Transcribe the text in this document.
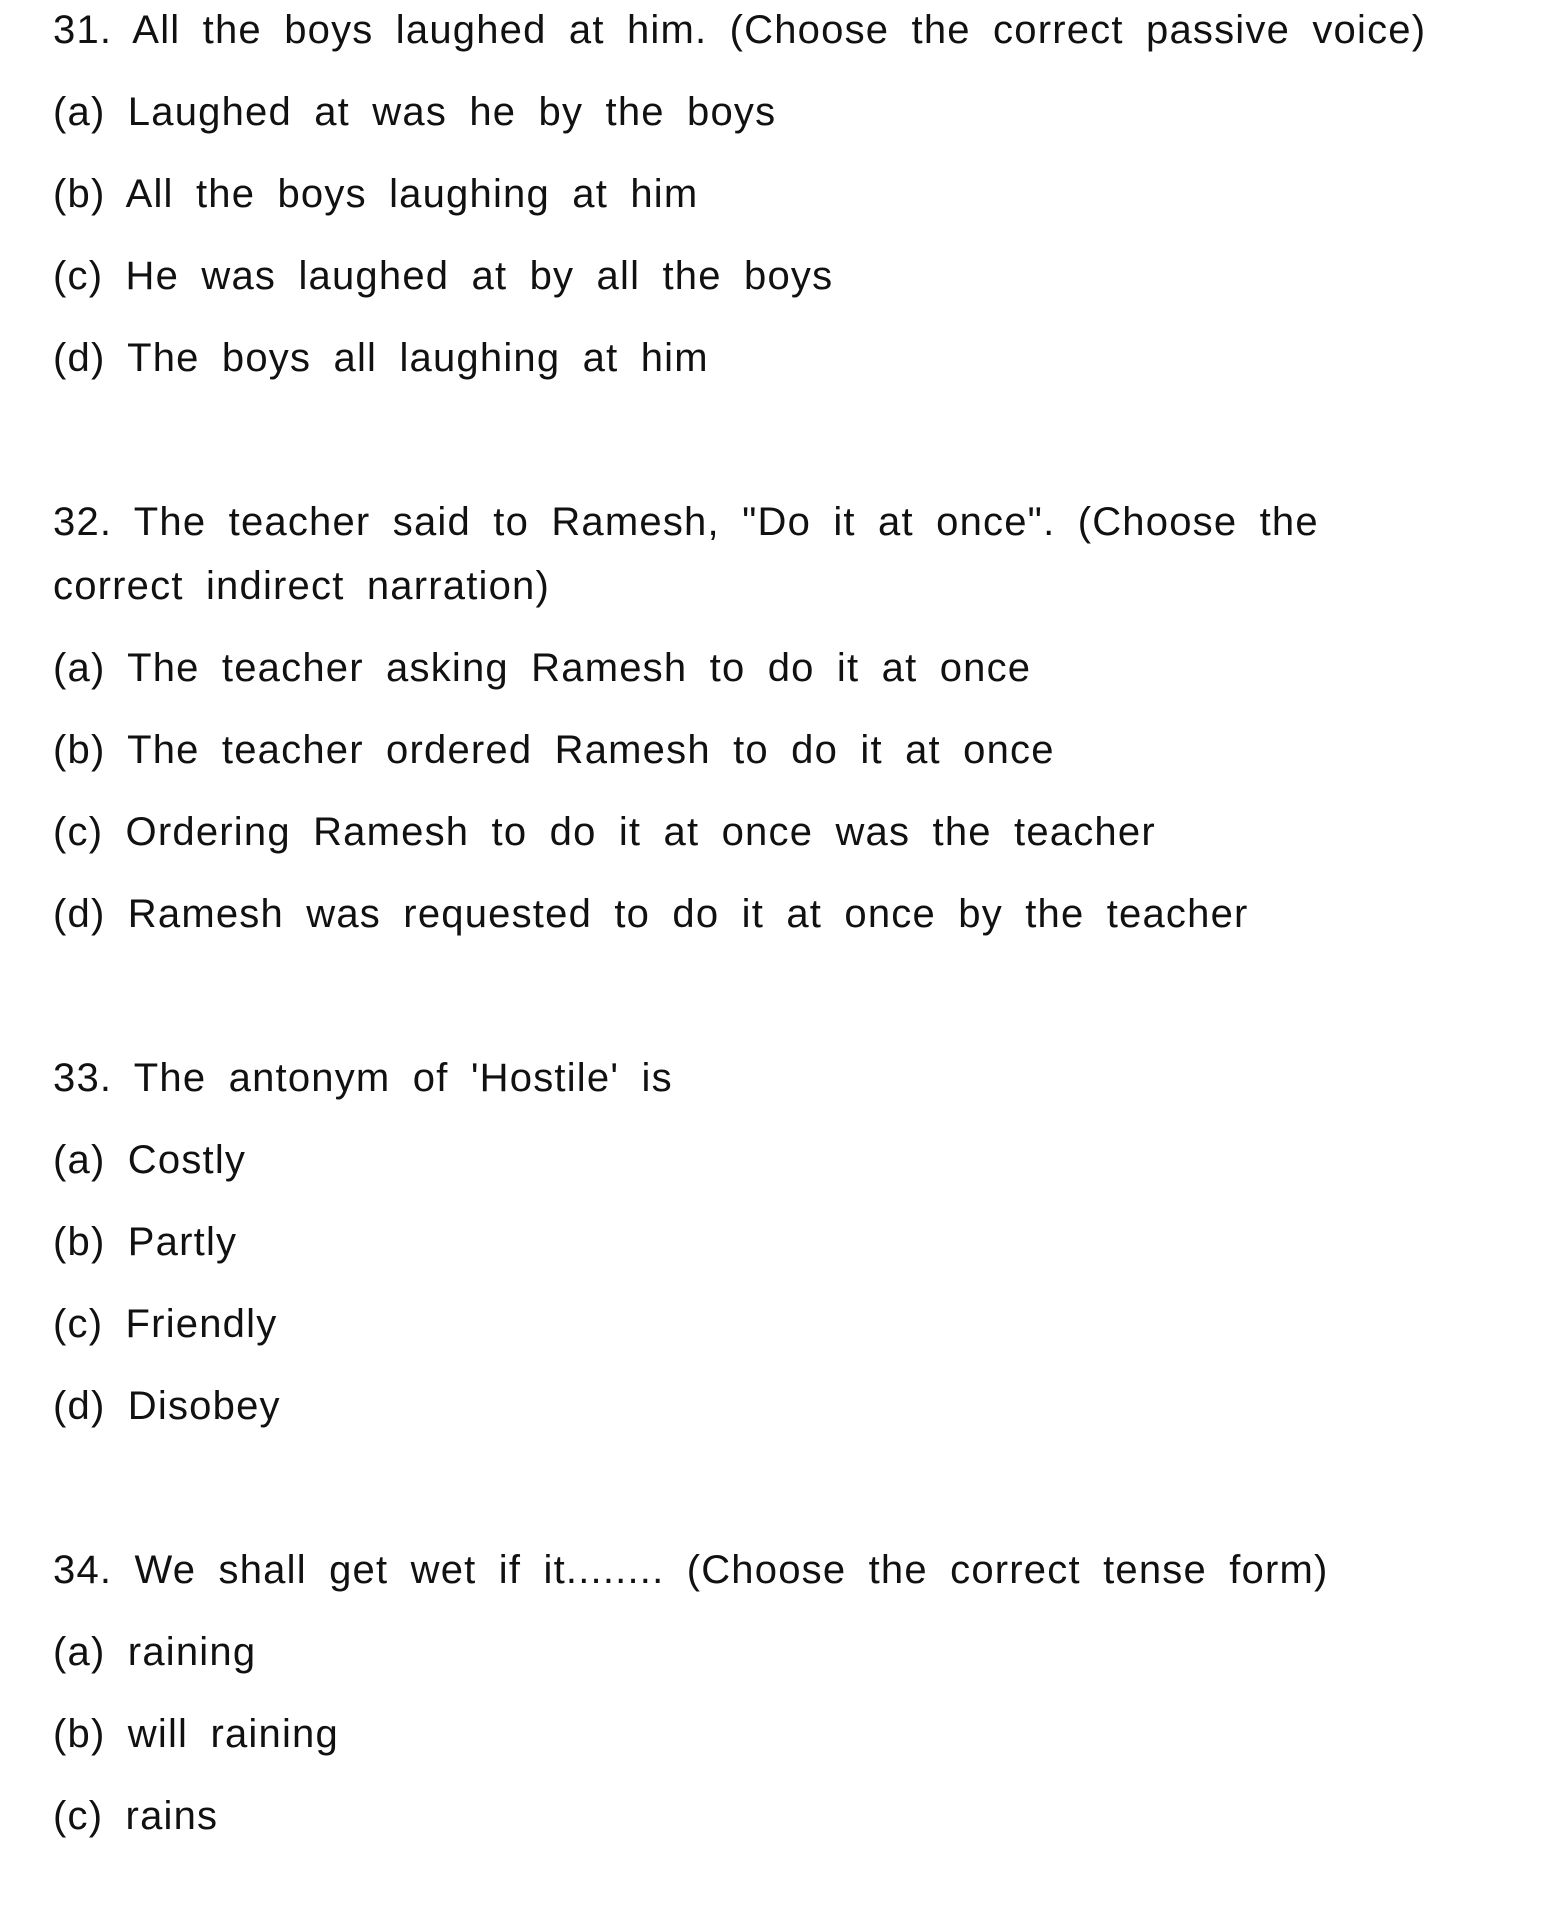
31. All the boys laughed at him. (Choose the correct passive voice)

(a) Laughed at was he by the boys
(b) All the boys laughing at him
(c) He was laughed at by all the boys
(d) The boys all laughing at him

32. The teacher said to Ramesh, "Do it at once". (Choose the correct indirect narration)

(a) The teacher asking Ramesh to do it at once
(b) The teacher ordered Ramesh to do it at once
(c) Ordering Ramesh to do it at once was the teacher
(d) Ramesh was requested to do it at once by the teacher

33. The antonym of 'Hostile' is

(a) Costly
(b) Partly
(c) Friendly
(d) Disobey

34. We shall get wet if it........ (Choose the correct tense form)

(a) raining
(b) will raining
(c) rains
